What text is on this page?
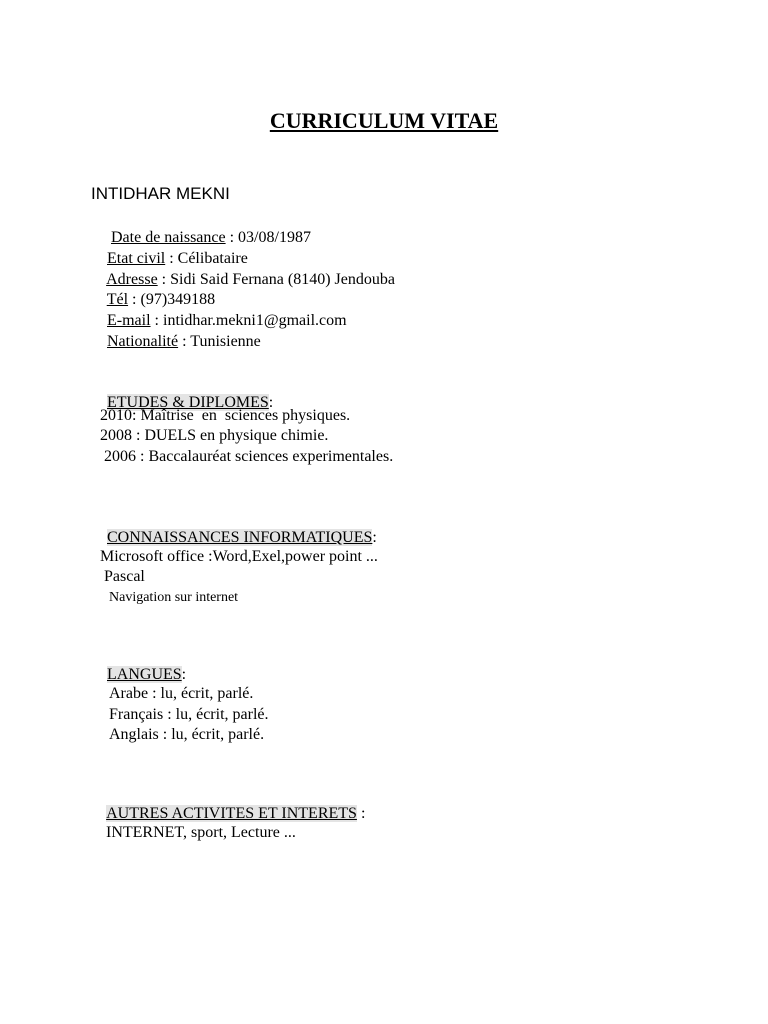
CURRICULUM VITAE
INTIDHAR MEKNI

Date de naissance : 03/08/1987

Etat civil : Célibataire

Adresse : Sidi Said Fernana (8140) Jendouba

Tél : (97)349188

E-mail : intidhar.mekni1@gmail.com

Nationalité : Tunisienne

ETUDES & DIPLOMES:

2010: Maîtrise  en  sciences physiques.
2008 : DUELS en physique chimie.
2006 : Baccalauréat sciences experimentales.

CONNAISSANCES INFORMATIQUES:

Microsoft office :Word,Exel,power point ...
Pascal
Navigation sur internet

LANGUES:

Arabe : lu, écrit, parlé.
Français : lu, écrit, parlé.
Anglais : lu, écrit, parlé.

AUTRES ACTIVITES ET INTERETS :

INTERNET, sport, Lecture ...
